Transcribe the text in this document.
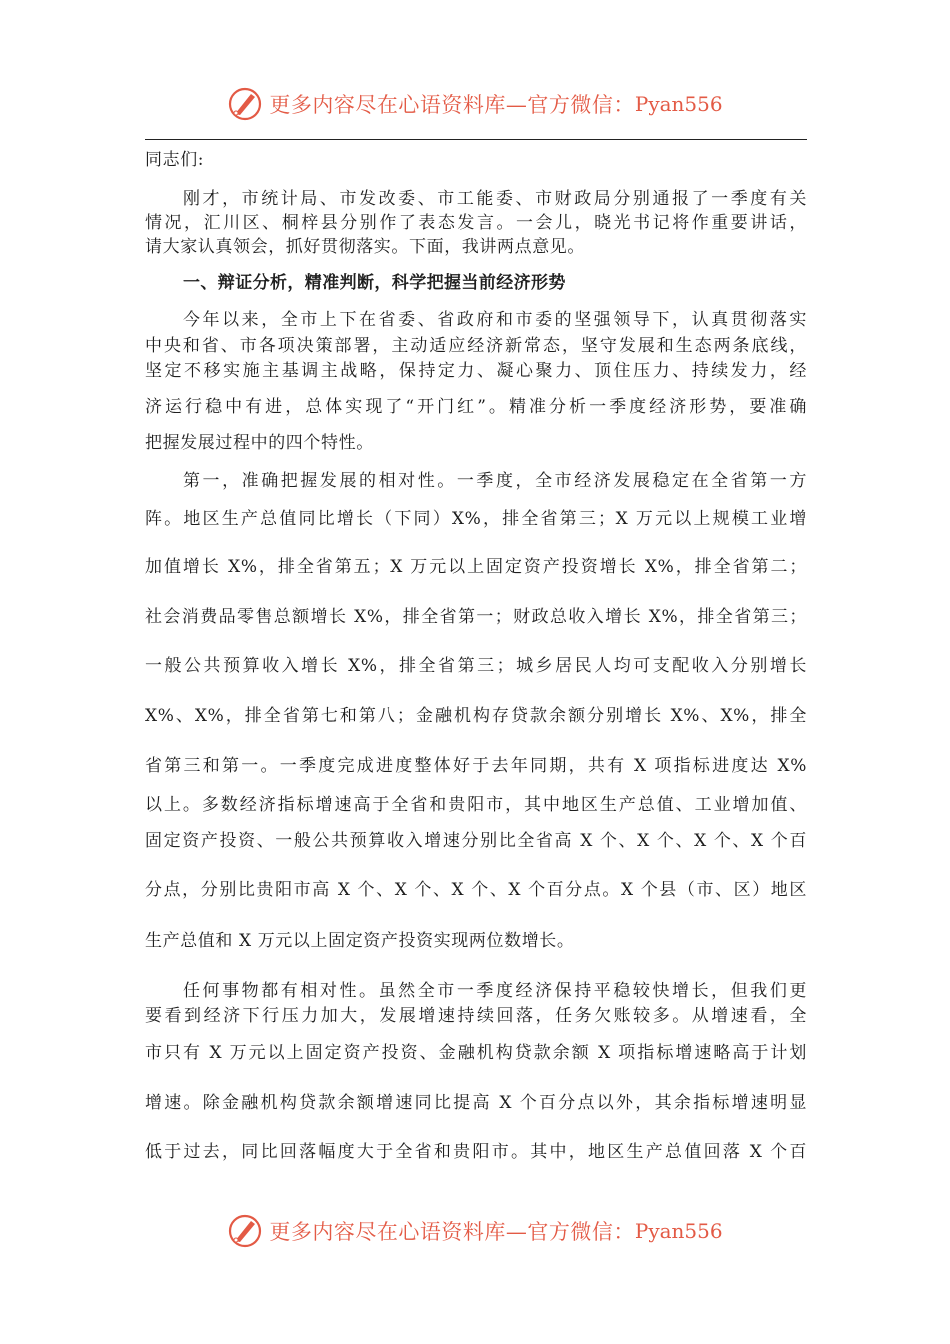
更多内容尽在心语资料库—官方微信： Pyan556
同志们:
刚才，市统计局、市发改委、市工能委、市财政局分别通报了一季度有关
情况，汇川区、桐梓县分别作了表态发言。一会儿，晓光书记将作重要讲话，
请大家认真领会，抓好贯彻落实。下面，我讲两点意见。
一、辩证分析，精准判断，科学把握当前经济形势
今年以来，全市上下在省委、省政府和市委的坚强领导下，认真贯彻落实
中央和省、市各项决策部署，主动适应经济新常态，坚守发展和生态两条底线，
坚定不移实施主基调主战略，保持定力、凝心聚力、顶住压力、持续发力，经
济运行稳中有进，总体实现了“开门红”。精准分析一季度经济形势，要准确
把握发展过程中的四个特性。
第一，准确把握发展的相对性。一季度，全市经济发展稳定在全省第一方
阵。地区生产总值同比增长（下同）X%，排全省第三；X 万元以上规模工业增
加值增长 X%，排全省第五；X 万元以上固定资产投资增长 X%，排全省第二；
社会消费品零售总额增长 X%，排全省第一；财政总收入增长 X%，排全省第三；
一般公共预算收入增长 X%，排全省第三；城乡居民人均可支配收入分别增长
X%、X%，排全省第七和第八；金融机构存贷款余额分别增长 X%、X%，排全
省第三和第一。一季度完成进度整体好于去年同期，共有 X 项指标进度达 X%
以上。多数经济指标增速高于全省和贵阳市，其中地区生产总值、工业增加值、
固定资产投资、一般公共预算收入增速分别比全省高 X 个、X 个、X 个、X 个百
分点，分别比贵阳市高 X 个、X 个、X 个、X 个百分点。X 个县（市、区）地区
生产总值和 X 万元以上固定资产投资实现两位数增长。
任何事物都有相对性。虽然全市一季度经济保持平稳较快增长，但我们更
要看到经济下行压力加大，发展增速持续回落，任务欠账较多。从增速看，全
市只有 X 万元以上固定资产投资、金融机构贷款余额 X 项指标增速略高于计划
增速。除金融机构贷款余额增速同比提高 X 个百分点以外，其余指标增速明显
低于过去，同比回落幅度大于全省和贵阳市。其中，地区生产总值回落 X 个百
更多内容尽在心语资料库—官方微信： Pyan556
